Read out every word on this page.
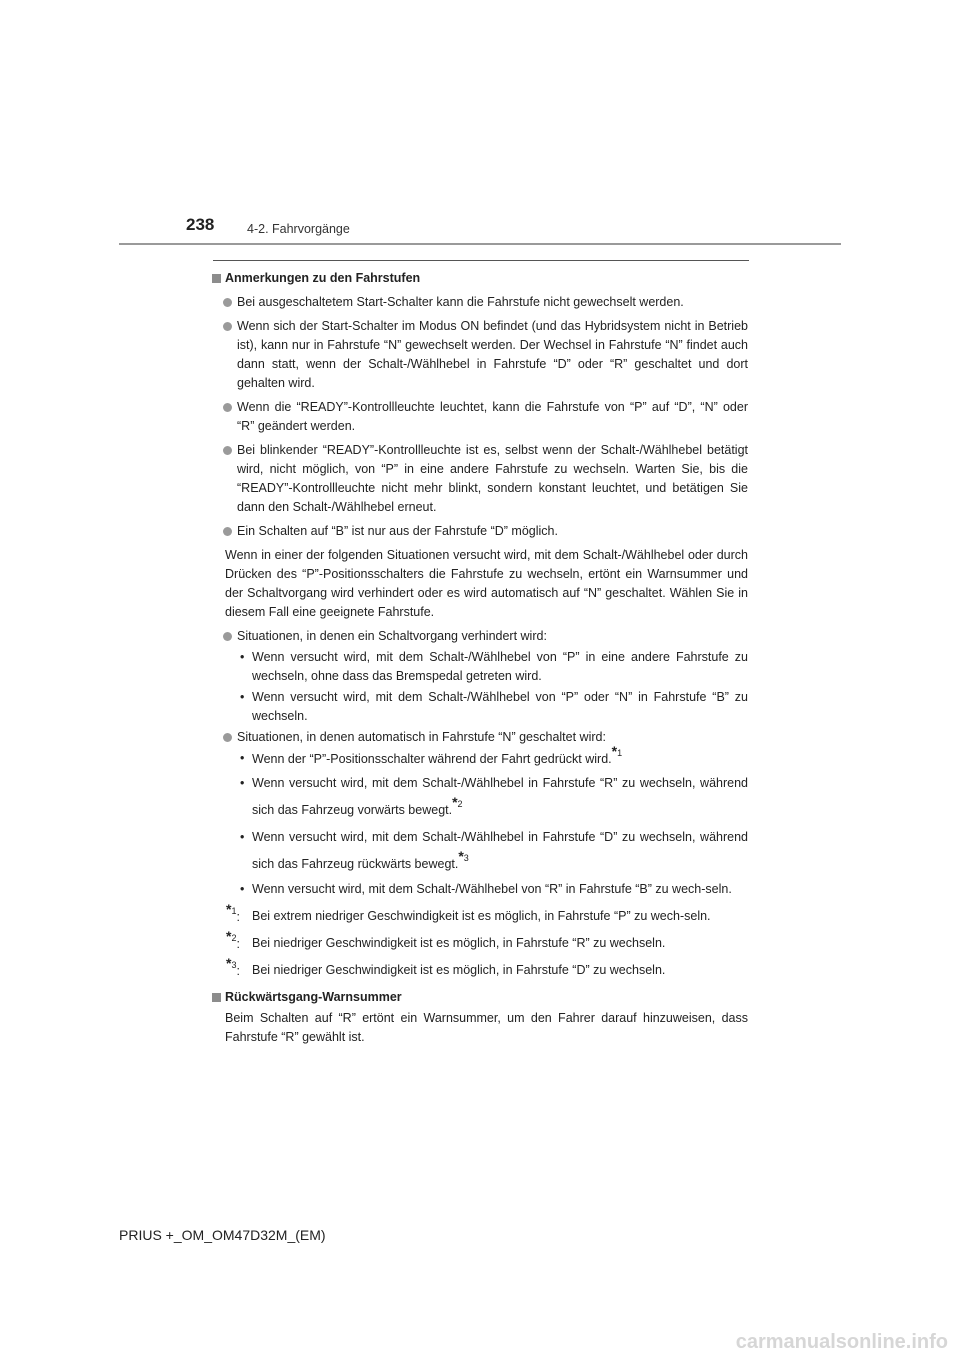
238	4-2. Fahrvorgänge
Anmerkungen zu den Fahrstufen
Bei ausgeschaltetem Start-Schalter kann die Fahrstufe nicht gewechselt werden.
Wenn sich der Start-Schalter im Modus ON befindet (und das Hybridsystem nicht in Betrieb ist), kann nur in Fahrstufe “N” gewechselt werden. Der Wechsel in Fahrstufe “N” findet auch dann statt, wenn der Schalt-/Wählhebel in Fahrstufe “D” oder “R” geschaltet und dort gehalten wird.
Wenn die “READY”-Kontrollleuchte leuchtet, kann die Fahrstufe von “P” auf “D”, “N” oder “R” geändert werden.
Bei blinkender “READY”-Kontrollleuchte ist es, selbst wenn der Schalt-/Wählhebel betätigt wird, nicht möglich, von “P” in eine andere Fahrstufe zu wechseln. Warten Sie, bis die “READY”-Kontrollleuchte nicht mehr blinkt, sondern konstant leuchtet, und betätigen Sie dann den Schalt-/Wählhebel erneut.
Ein Schalten auf “B” ist nur aus der Fahrstufe “D” möglich.
Wenn in einer der folgenden Situationen versucht wird, mit dem Schalt-/Wählhebel oder durch Drücken des “P”-Positionsschalters die Fahrstufe zu wechseln, ertönt ein Warnsummer und der Schaltvorgang wird verhindert oder es wird automatisch auf “N” geschaltet. Wählen Sie in diesem Fall eine geeignete Fahrstufe.
Situationen, in denen ein Schaltvorgang verhindert wird:
• Wenn versucht wird, mit dem Schalt-/Wählhebel von “P” in eine andere Fahrstufe zu wechseln, ohne dass das Bremspedal getreten wird.
• Wenn versucht wird, mit dem Schalt-/Wählhebel von “P” oder “N” in Fahrstufe “B” zu wechseln.
Situationen, in denen automatisch in Fahrstufe “N” geschaltet wird:
• Wenn der “P”-Positionsschalter während der Fahrt gedrückt wird.*$^1$
• Wenn versucht wird, mit dem Schalt-/Wählhebel in Fahrstufe “R” zu wechseln, während sich das Fahrzeug vorwärts bewegt.*$^2$
• Wenn versucht wird, mit dem Schalt-/Wählhebel in Fahrstufe “D” zu wechseln, während sich das Fahrzeug rückwärts bewegt.*$^3$
• Wenn versucht wird, mit dem Schalt-/Wählhebel von “R” in Fahrstufe “B” zu wech-seln.
*$^1$: Bei extrem niedriger Geschwindigkeit ist es möglich, in Fahrstufe “P” zu wech-seln.
*$^2$: Bei niedriger Geschwindigkeit ist es möglich, in Fahrstufe “R” zu wechseln.
*$^3$: Bei niedriger Geschwindigkeit ist es möglich, in Fahrstufe “D” zu wechseln.
Rückwärtsgang-Warnsummer
Beim Schalten auf “R” ertönt ein Warnsummer, um den Fahrer darauf hinzuweisen, dass Fahrstufe “R” gewählt ist.
PRIUS +_OM_OM47D32M_(EM)
carmanualsonline.info
